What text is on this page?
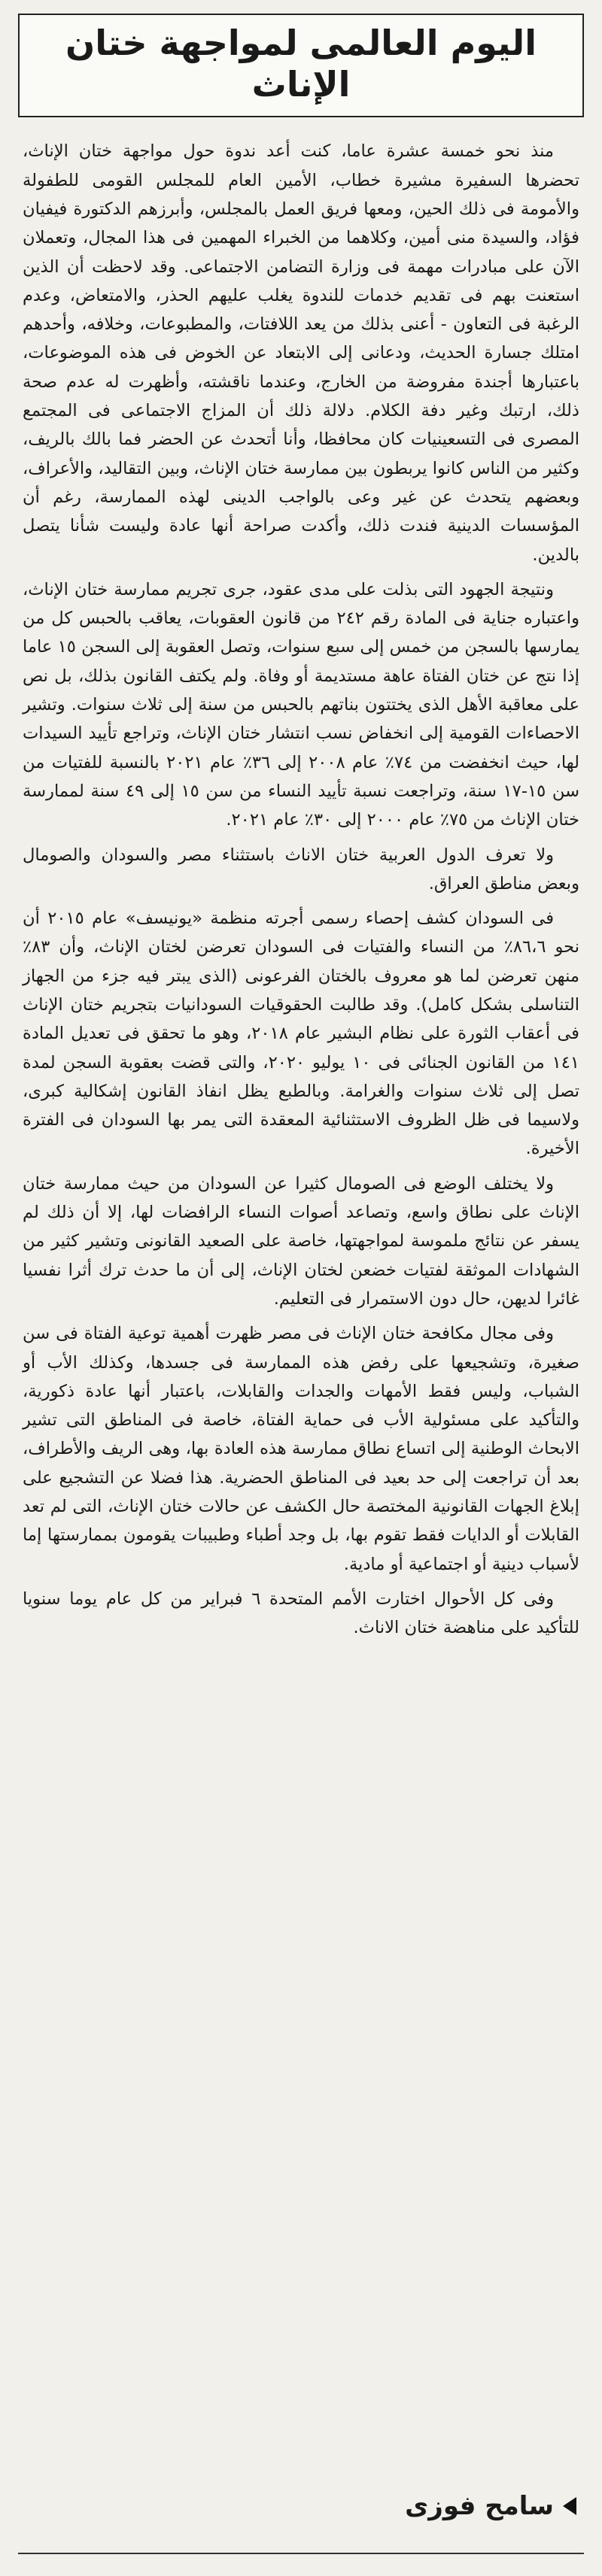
اليوم العالمى لمواجهة ختان الإناث

منذ نحو خمسة عشرة عاما، كنت أعد ندوة حول مواجهة ختان الإناث، تحضرها السفيرة مشيرة خطاب، الأمين العام للمجلس القومى للطفولة والأمومة فى ذلك الحين، ومعها فريق العمل بالمجلس، وأبرزهم الدكتورة فيفيان فؤاد، والسيدة منى أمين، وكلاهما من الخبراء المهمين فى هذا المجال، وتعملان الآن على مبادرات مهمة فى وزارة التضامن الاجتماعى. وقد لاحظت أن الذين استعنت بهم فى تقديم خدمات للندوة يغلب عليهم الحذر، والامتعاض، وعدم الرغبة فى التعاون - أعنى بذلك من يعد اللافتات، والمطبوعات، وخلافه، وأحدهم امتلك جسارة الحديث، ودعانى إلى الابتعاد عن الخوض فى هذه الموضوعات، باعتبارها أجندة مفروضة من الخارج، وعندما ناقشته، وأظهرت له عدم صحة ذلك، ارتبك وغير دفة الكلام. دلالة ذلك أن المزاج الاجتماعى فى المجتمع المصرى فى التسعينيات كان محافظا، وأنا أتحدث عن الحضر فما بالك بالريف، وكثير من الناس كانوا يربطون بين ممارسة ختان الإناث، وبين التقاليد، والأعراف، وبعضهم يتحدث عن غير وعى بالواجب الدينى لهذه الممارسة، رغم أن المؤسسات الدينية فندت ذلك، وأكدت صراحة أنها عادة وليست شأنا يتصل بالدين.

ونتيجة الجهود التى بذلت على مدى عقود، جرى تجريم ممارسة ختان الإناث، واعتباره جناية فى المادة رقم ٢٤٢ من قانون العقوبات، يعاقب بالحبس كل من يمارسها بالسجن من خمس إلى سبع سنوات، وتصل العقوبة إلى السجن ١٥ عاما إذا نتج عن ختان الفتاة عاهة مستديمة أو وفاة. ولم يكتف القانون بذلك، بل نص على معاقبة الأهل الذى يختتون بناتهم بالحبس من سنة إلى ثلاث سنوات. وتشير الاحصاءات القومية إلى انخفاض نسب انتشار ختان الإناث، وتراجع تأييد السيدات لها، حيث انخفضت من ٧٤٪ عام ٢٠٠٨ إلى ٣٦٪ عام ٢٠٢١ بالنسبة للفتيات من سن ١٥-١٧ سنة، وتراجعت نسبة تأييد النساء من سن ١٥ إلى ٤٩ سنة لممارسة ختان الإناث من ٧٥٪ عام ٢٠٠٠ إلى ٣٠٪ عام ٢٠٢١.

ولا تعرف الدول العربية ختان الاناث باستثناء مصر والسودان والصومال وبعض مناطق العراق.

فى السودان كشف إحصاء رسمى أجرته منظمة «يونيسف» عام ٢٠١٥ أن نحو ٨٦،٦٪ من النساء والفتيات فى السودان تعرضن لختان الإناث، وأن ٨٣٪ منهن تعرضن لما هو معروف بالختان الفرعونى (الذى يبتر فيه جزء من الجهاز التناسلى بشكل كامل). وقد طالبت الحقوقيات السودانيات بتجريم ختان الإناث فى أعقاب الثورة على نظام البشير عام ٢٠١٨، وهو ما تحقق فى تعديل المادة ١٤١ من القانون الجنائى فى ١٠ يوليو ٢٠٢٠، والتى قضت بعقوبة السجن لمدة تصل إلى ثلاث سنوات والغرامة. وبالطبع يظل انفاذ القانون إشكالية كبرى، ولاسيما فى ظل الظروف الاستثنائية المعقدة التى يمر بها السودان فى الفترة الأخيرة.

ولا يختلف الوضع فى الصومال كثيرا عن السودان من حيث ممارسة ختان الإناث على نطاق واسع، وتصاعد أصوات النساء الرافضات لها، إلا أن ذلك لم يسفر عن نتائج ملموسة لمواجهتها، خاصة على الصعيد القانونى وتشير كثير من الشهادات الموثقة لفتيات خضعن لختان الإناث، إلى أن ما حدث ترك أثرا نفسيا غائرا لديهن، حال دون الاستمرار فى التعليم.

وفى مجال مكافحة ختان الإناث فى مصر ظهرت أهمية توعية الفتاة فى سن صغيرة، وتشجيعها على رفض هذه الممارسة فى جسدها، وكذلك الأب أو الشباب، وليس فقط الأمهات والجدات والقابلات، باعتبار أنها عادة ذكورية، والتأكيد على مسئولية الأب فى حماية الفتاة، خاصة فى المناطق التى تشير الابحاث الوطنية إلى اتساع نطاق ممارسة هذه العادة بها، وهى الريف والأطراف، بعد أن تراجعت إلى حد بعيد فى المناطق الحضرية. هذا فضلا عن التشجيع على إبلاغ الجهات القانونية المختصة حال الكشف عن حالات ختان الإناث، التى لم تعد القابلات أو الدايات فقط تقوم بها، بل وجد أطباء وطبيبات يقومون بممارستها إما لأسباب دينية أو اجتماعية أو مادية.

وفى كل الأحوال اختارت الأمم المتحدة ٦ فبراير من كل عام يوما سنويا للتأكيد على مناهضة ختان الاناث.

سامح فوزى
